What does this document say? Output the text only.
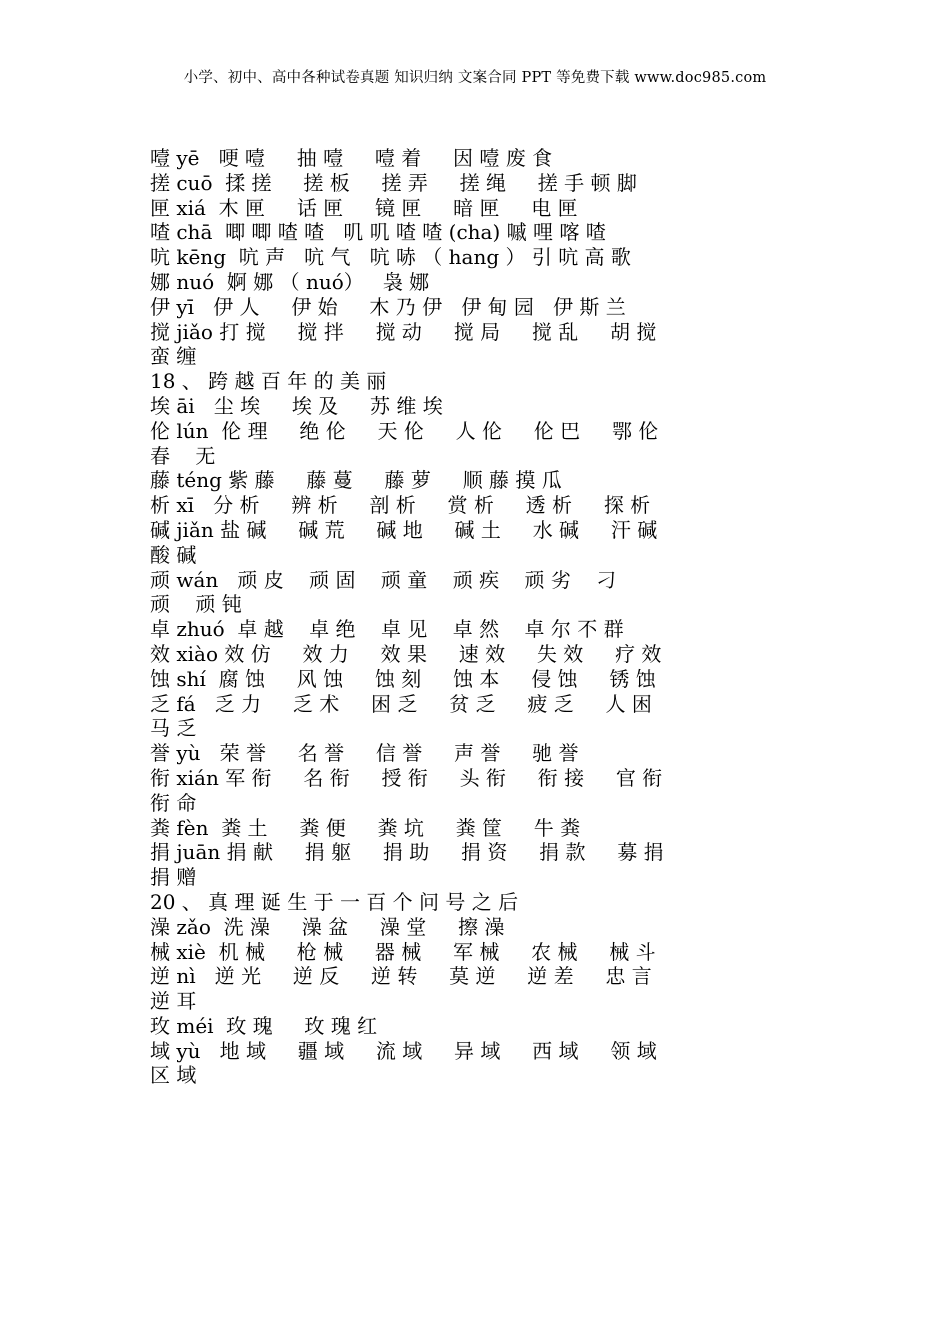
小学、初中、高中各种试卷真题 知识归纳 文案合同 PPT 等免费下载 www.doc985.com
噎 yē   哽 噎     抽 噎     噎 着     因 噎 废 食
搓 cuō  揉 搓     搓 板     搓 弄     搓 绳     搓 手 顿 脚
匣 xiá  木 匣     话 匣     镜 匣     暗 匣     电 匣
喳 chā  唧 唧 喳 喳   叽 叽 喳 喳 (cha) 嘁 哩 喀 喳
吭 kēng  吭 声   吭 气   吭 哧 （ hang ） 引 吭 高 歌
娜 nuó  婀 娜 （ nuó）   袅 娜
伊 yī   伊 人     伊 始     木 乃 伊   伊 甸 园   伊 斯 兰
搅 jiǎo 打 搅     搅 拌     搅 动     搅 局     搅 乱     胡 搅
蛮 缠
18 、 跨 越 百 年 的 美 丽
埃 āi   尘 埃     埃 及     苏 维 埃
伦 lún  伦 理     绝 伦     天 伦     人 伦     伦 巴     鄂 伦
春    无
藤 téng 紫 藤     藤 蔓     藤 萝     顺 藤 摸 瓜
析 xī   分 析     辨 析     剖 析     赏 析     透 析     探 析
碱 jiǎn 盐 碱     碱 荒     碱 地     碱 土     水 碱     汗 碱
酸 碱
顽 wán   顽 皮    顽 固    顽 童    顽 疾    顽 劣    刁
顽    顽 钝
卓 zhuó  卓 越    卓 绝    卓 见    卓 然    卓 尔 不 群
效 xiào 效 仿     效 力     效 果     速 效     失 效     疗 效
蚀 shí  腐 蚀     风 蚀     蚀 刻     蚀 本     侵 蚀     锈 蚀
乏 fá   乏 力     乏 术     困 乏     贫 乏     疲 乏     人 困
马 乏
誉 yù   荣 誉     名 誉     信 誉     声 誉     驰 誉
衔 xián 军 衔     名 衔     授 衔     头 衔     衔 接     官 衔
衔 命
粪 fèn  粪 土     粪 便     粪 坑     粪 筐     牛 粪
捐 juān 捐 献     捐 躯     捐 助     捐 资     捐 款     募 捐
捐 赠
20 、 真 理 诞 生 于 一 百 个 问 号 之 后
澡 zǎo  洗 澡     澡 盆     澡 堂     擦 澡
械 xiè  机 械     枪 械     器 械     军 械     农 械     械 斗
逆 nì   逆 光     逆 反     逆 转     莫 逆     逆 差     忠 言
逆 耳
玫 méi  玫 瑰     玫 瑰 红
域 yù   地 域     疆 域     流 域     异 域     西 域     领 域
区 域
